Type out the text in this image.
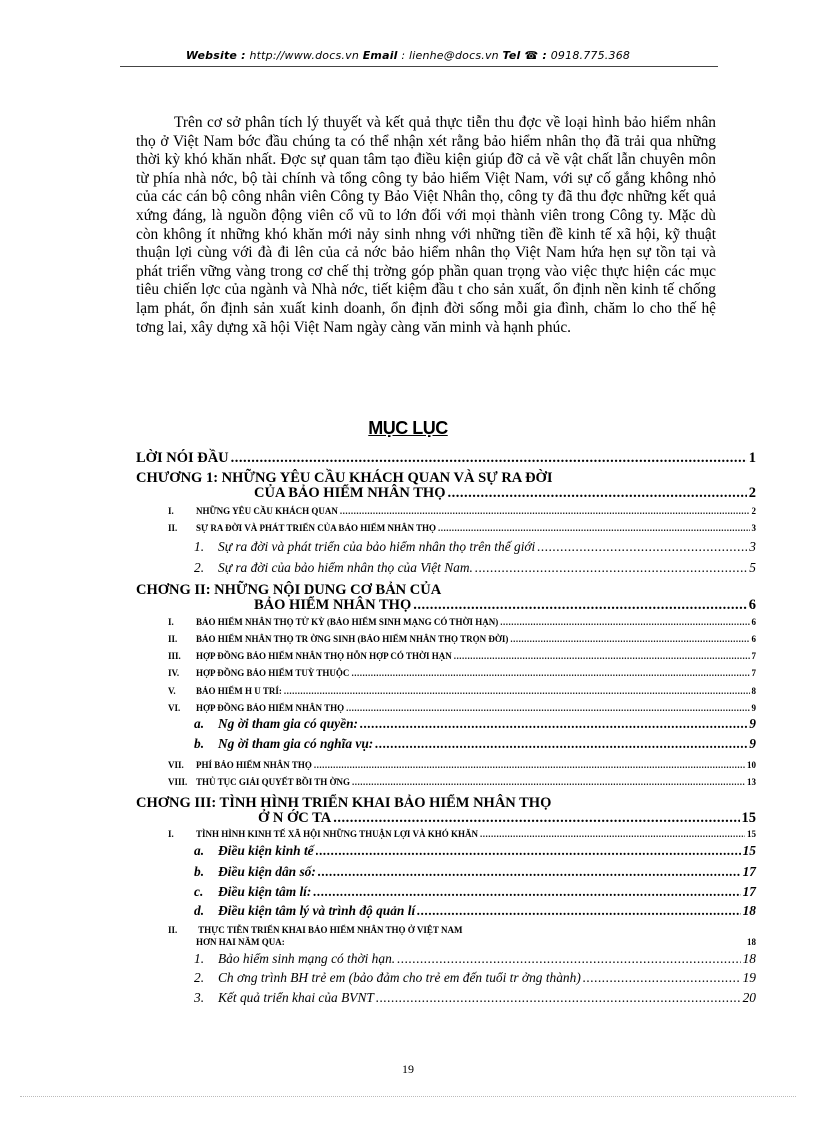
Website : http://www.docs.vn Email : lienhe@docs.vn Tel ☎ : 0918.775.368
Trên cơ sở phân tích lý thuyết và kết quả thực tiễn thu đợc về loại hình bảo hiểm nhân thọ ở Việt Nam bớc đầu chúng ta có thể nhận xét rằng bảo hiểm nhân thọ đã trải qua những thời kỳ khó khăn nhất. Đợc sự quan tâm tạo điều kiện giúp đỡ cả về vật chất lẫn chuyên môn từ phía nhà nớc, bộ tài chính và tổng công ty bảo hiểm Việt Nam, với sự cố gắng không nhỏ của các cán bộ công nhân viên Công ty Bảo Việt Nhân thọ, công ty đã thu đợc những kết quả xứng đáng, là nguồn động viên cổ vũ to lớn đối với mọi thành viên trong Công ty. Mặc dù còn không ít những khó khăn mới nảy sinh nhng với những tiền đề kinh tế xã hội, kỹ thuật thuận lợi cùng với đà đi lên của cả nớc bảo hiểm nhân thọ Việt Nam hứa hẹn sự tồn tại và phát triển vững vàng trong cơ chế thị trờng góp phần quan trọng vào việc thực hiện các mục tiêu chiến lợc của ngành và Nhà nớc, tiết kiệm đầu t cho sản xuất, ổn định nền kinh tế chống lạm phát, ổn định sản xuất kinh doanh, ổn định đời sống mỗi gia đình, chăm lo cho thế hệ tơng lai, xây dựng xã hội Việt Nam ngày càng văn minh và hạnh phúc.
MỤC LỤC
LỜI NÓI ĐẦU .....	1
CHƯƠNG 1: NHỮNG YÊU CẦU KHÁCH QUAN VÀ SỰ RA ĐỜI
CỦA BẢO HIỂM NHÂN THỌ .....	2
I. NHỮNG YÊU CẦU KHÁCH QUAN .....	2
II. SỰ RA ĐỜI VÀ PHÁT TRIỂN CỦA BẢO HIỂM NHÂN THỌ .....	3
1. Sự ra đời và phát triển của bảo hiểm nhân thọ trên thế giới .....	3
2. Sự ra đời của bảo hiểm nhân thọ của Việt Nam. .....	5
CHƠNG II: NHỮNG NỘI DUNG CƠ BẢN CỦA
BẢO HIỂM NHÂN THỌ .....	6
I. BẢO HIỂM NHÂN THỌ TỬ KỲ (BẢO HIỂM SINH MẠNG CÓ THỜI HẠN) .....	6
II. BẢO HIỂM NHÂN THỌ TR ỜNG SINH (BẢO HIỂM NHÂN THỌ TRỌN ĐỜI) .....	6
III. HỢP ĐỒNG BẢO HIỂM NHÂN THỌ HỖN HỢP CÓ THỜI HẠN .....	7
IV. HỢP ĐỒNG BẢO HIỂM TUỲ THUỘC .....	7
V. BẢO HIỂM H U TRÍ: .....	8
VI. HỢP ĐỒNG BẢO HIỂM NHÂN THỌ .....	9
a. Ng ời tham gia có quyền: .....	9
b. Ng ời tham gia có nghĩa vụ: .....	9
VII. PHÍ BẢO HIỂM NHÂN THỌ .....	10
VIII. THỦ TỤC GIẢI QUYẾT BỒI TH ỜNG .....	13
CHƠNG III: TÌNH HÌNH TRIỂN KHAI BẢO HIỂM NHÂN THỌ
Ở N ỚC TA .....	15
I. TÌNH HÌNH KINH TẾ XÃ HỘI NHỮNG THUẬN LỢI VÀ KHÓ KHĂN .....	15
a. Điều kiện kinh tế .....	15
b. Điều kiện dân số: .....	17
c. Điều kiện tâm lí: .....	17
d. Điều kiện tâm lý và trình độ quản lí .....	18
II. THỰC TIỄN TRIỂN KHAI BẢO HIỂM NHÂN THỌ Ở VIỆT NAM
HƠN HAI NĂM QUA:	18
1. Bảo hiểm sinh mạng có thời hạn. .....	18
2. Ch ơng trình BH trẻ em (bảo đảm cho trẻ em đến tuổi tr ởng thành) .....	19
3. Kết quả triển khai của BVNT .....	20
19
